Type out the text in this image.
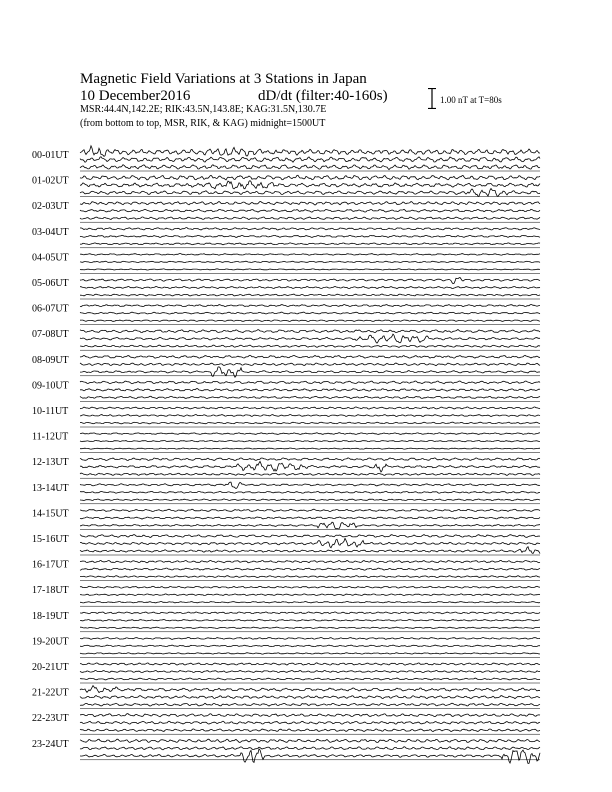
Magnetic Field Variations at 3 Stations in Japan
10 December2016	dD/dt (filter:40-160s)
MSR:44.4N,142.2E; RIK:43.5N,143.8E; KAG:31.5N,130.7E
(from bottom to top, MSR, RIK, & KAG) midnight=1500UT
1.00 nT at T=80s
00-01UT
01-02UT
02-03UT
03-04UT
04-05UT
05-06UT
06-07UT
07-08UT
08-09UT
09-10UT
10-11UT
11-12UT
12-13UT
13-14UT
14-15UT
15-16UT
16-17UT
17-18UT
18-19UT
19-20UT
20-21UT
21-22UT
22-23UT
23-24UT
